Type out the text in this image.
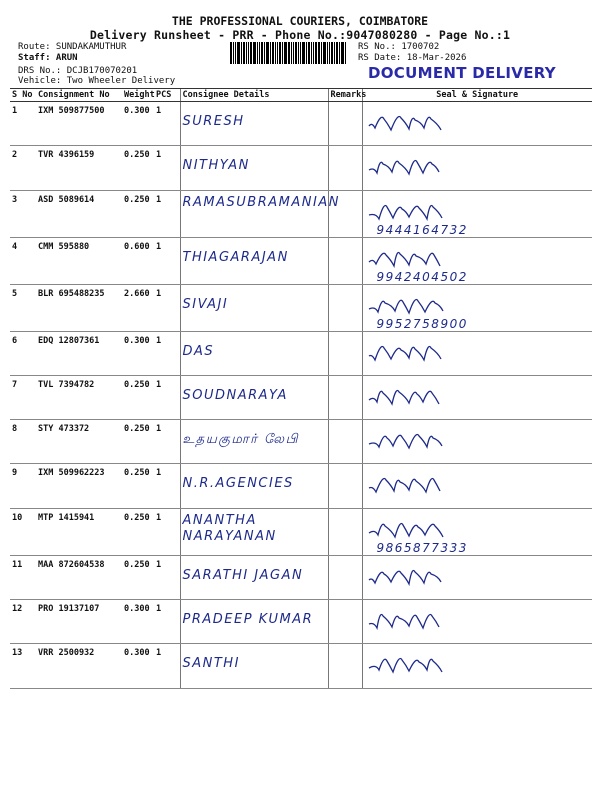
THE PROFESSIONAL COURIERS, COIMBATORE
Delivery Runsheet - PRR - Phone No.:9047080280 - Page No.:1
Route: SUNDAKAMUTHUR
Staff: ARUN
DRS No.: DCJB170070201
Vehicle: Two Wheeler Delivery
RS No.: 1700702
RS Date: 18-Mar-2026
DOCUMENT DELIVERY
S No	Consignment No	Weight	PCS	Consignee Details	Remarks	Seal & Signature
1	IXM 509877500	0.300	1	SURESH

2	TVR 4396159	0.250	1	NITHYAN

3	ASD 5089614	0.250	1	RAMASUBRAMANIAN		9444164732

4	CMM 595880	0.600	1	THIAGARAJAN		9942404502

5	BLR 695488235	2.660	1	SIVAJI		9952758900

6	EDQ 12807361	0.300	1	DAS

7	TVL 7394782	0.250	1	SOUDNARAYA

8	STY 473372	0.250	1	உதயகுமார் லேபி

9	IXM 509962223	0.250	1	N.R.AGENCIES

10	MTP 1415941	0.250	1	ANANTHA NARAYANAN		9865877333

11	MAA 872604538	0.250	1	SARATHI JAGAN

12	PRO 19137107	0.300	1	PRADEEP KUMAR

13	VRR 2500932	0.300	1	SANTHI
